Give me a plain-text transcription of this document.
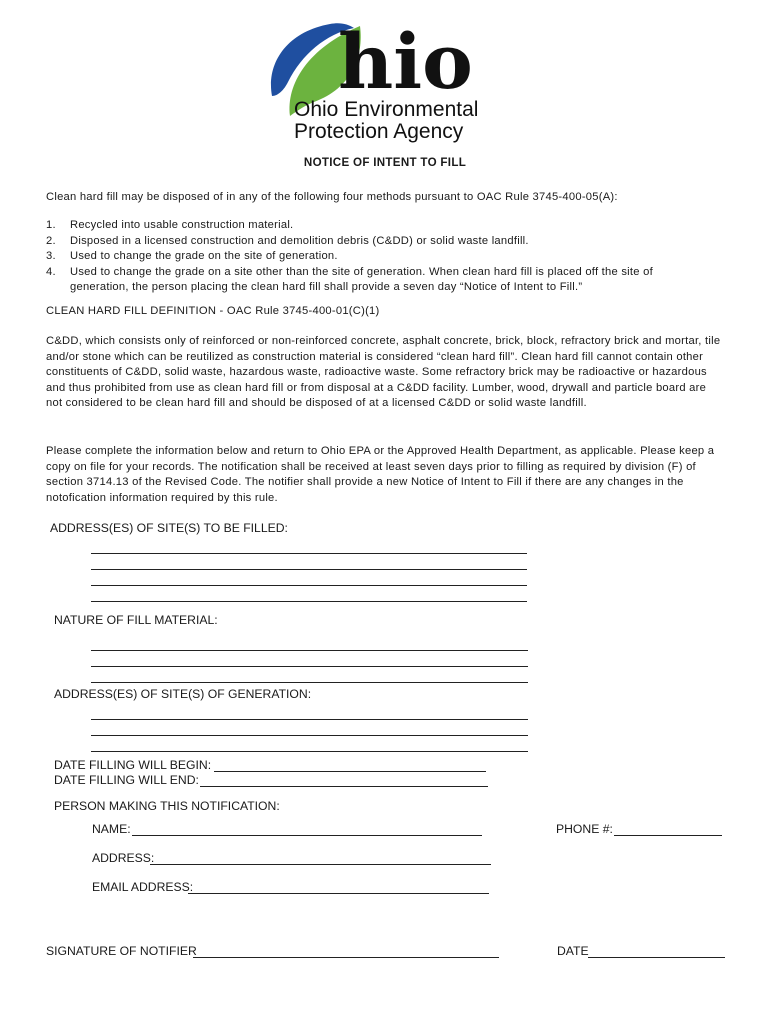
hio
Ohio Environmental
Protection Agency
NOTICE OF INTENT TO FILL
Clean hard fill may be disposed of in any of the following four methods pursuant to OAC Rule 3745-400-05(A):
1. Recycled into usable construction material.
2. Disposed in a licensed construction and demolition debris (C&DD) or solid waste landfill.
3. Used to change the grade on the site of generation.
4. Used to change the grade on a site other than the site of generation. When clean hard fill is placed off the site of generation, the person placing the clean hard fill shall provide a seven day “Notice of Intent to Fill.”
CLEAN HARD FILL DEFINITION - OAC Rule 3745-400-01(C)(1)
C&DD, which consists only of reinforced or non-reinforced concrete, asphalt concrete, brick, block, refractory brick and mortar, tile and/or stone which can be reutilized as construction material is considered “clean hard fill”. Clean hard fill cannot contain other constituents of C&DD, solid waste, hazardous waste, radioactive waste. Some refractory brick may be radioactive or hazardous and thus prohibited from use as clean hard fill or from disposal at a C&DD facility. Lumber, wood, drywall and particle board are not considered to be clean hard fill and should be disposed of at a licensed C&DD or solid waste landfill.
Please complete the information below and return to Ohio EPA or the Approved Health Department, as applicable. Please keep a copy on file for your records. The notification shall be received at least seven days prior to filling as required by division (F) of section 3714.13 of the Revised Code. The notifier shall provide a new Notice of Intent to Fill if there are any changes in the notofication information required by this rule.
ADDRESS(ES) OF SITE(S) TO BE FILLED:
NATURE OF FILL MATERIAL:
ADDRESS(ES) OF SITE(S) OF GENERATION:
DATE FILLING WILL BEGIN:
DATE FILLING WILL END:
PERSON MAKING THIS NOTIFICATION:
NAME:	PHONE #:
ADDRESS:
EMAIL ADDRESS:
SIGNATURE OF NOTIFIER	DATE
